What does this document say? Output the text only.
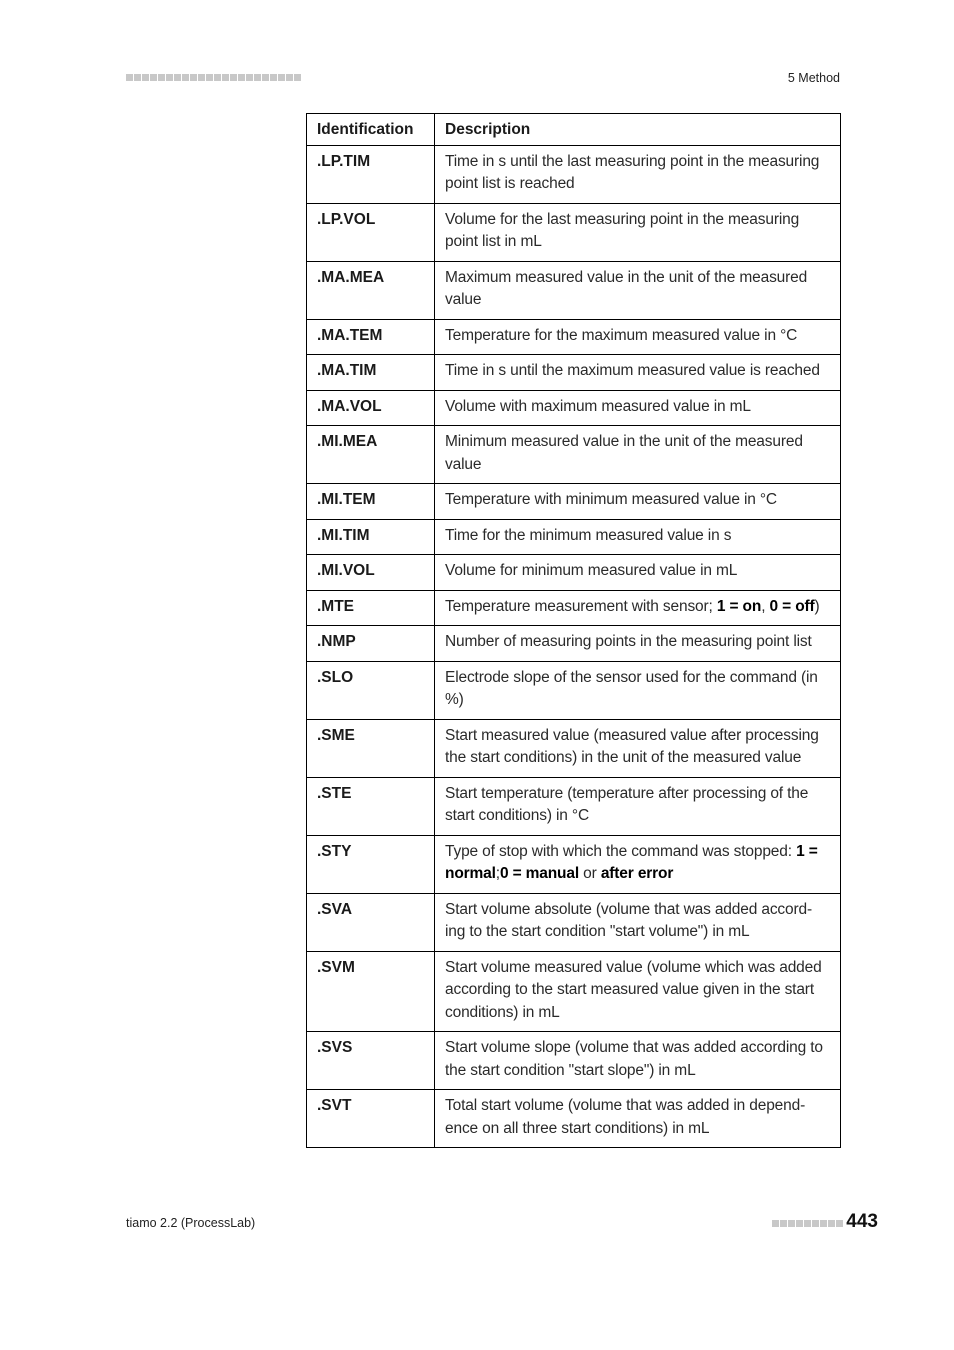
5 Method
Identification	Description
.LP.TIM	Time in s until the last measuring point in the measuring point list is reached
.LP.VOL	Volume for the last measuring point in the measuring point list in mL
.MA.MEA	Maximum measured value in the unit of the measured value
.MA.TEM	Temperature for the maximum measured value in °C
.MA.TIM	Time in s until the maximum measured value is reached
.MA.VOL	Volume with maximum measured value in mL
.MI.MEA	Minimum measured value in the unit of the measured value
.MI.TEM	Temperature with minimum measured value in °C
.MI.TIM	Time for the minimum measured value in s
.MI.VOL	Volume for minimum measured value in mL
.MTE	Temperature measurement with sensor; 1 = on, 0 = off)
.NMP	Number of measuring points in the measuring point list
.SLO	Electrode slope of the sensor used for the command (in %)
.SME	Start measured value (measured value after processing the start conditions) in the unit of the measured value
.STE	Start temperature (temperature after processing of the start conditions) in °C
.STY	Type of stop with which the command was stopped: 1 = normal;0 = manual or after error
.SVA	Start volume absolute (volume that was added accord-ing to the start condition "start volume") in mL
.SVM	Start volume measured value (volume which was added according to the start measured value given in the start conditions) in mL
.SVS	Start volume slope (volume that was added according to the start condition "start slope") in mL
.SVT	Total start volume (volume that was added in depend-ence on all three start conditions) in mL
tiamo 2.2 (ProcessLab)	443
